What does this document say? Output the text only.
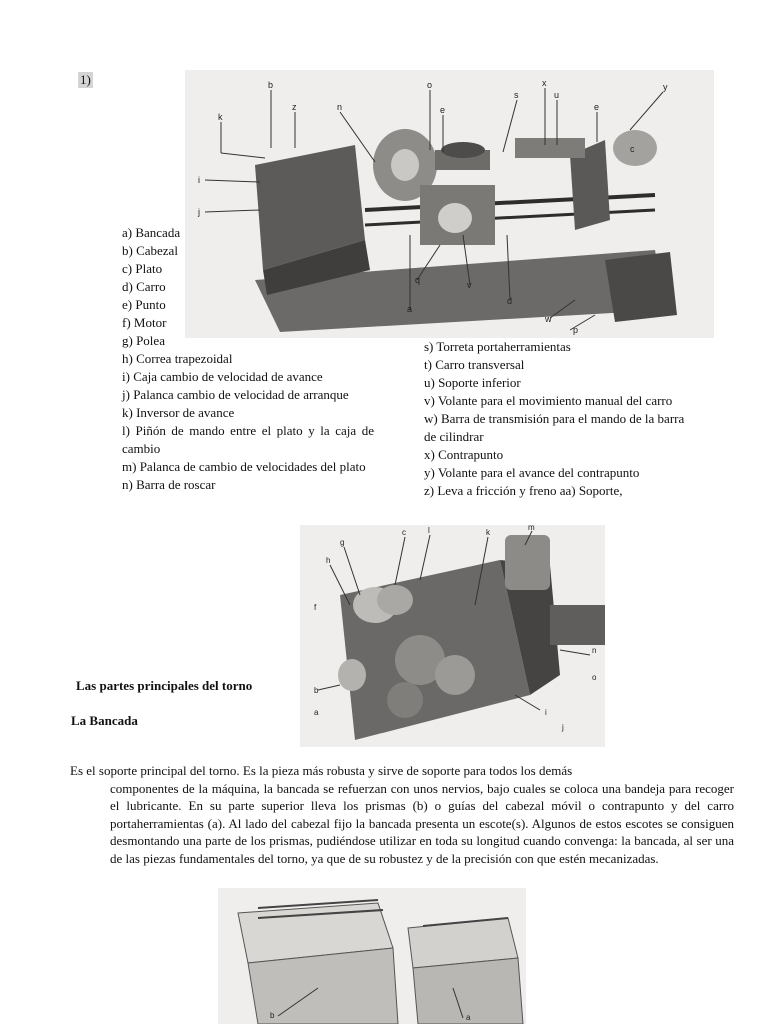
1)
a) Bancada
b) Cabezal
c) Plato
d) Carro
e) Punto
f) Motor
g) Polea
h) Correa trapezoidal
i) Caja cambio de velocidad de avance
j) Palanca cambio de velocidad de arranque
k) Inversor de avance
l) Piñón de mando entre el plato y la caja de cambio
m) Palanca de cambio de velocidades del plato
n) Barra de roscar
s) Torreta portaherramientas
t) Carro transversal
u) Soporte inferior
v) Volante para el movimiento manual del carro
w) Barra de transmisión para el mando de la barra de cilindrar
x) Contrapunto
y) Volante para el avance del contrapunto
z) Leva a fricción y freno aa) Soporte,
b
k
z	n
i
j
o
e
s
x
u
e
y
c
q
a
v
d
w
p
g
h
c	l	k
m
f
n
i
b
a
o
j
Las partes principales del torno
La Bancada
Es el soporte principal del torno. Es la pieza más robusta y sirve de soporte para todos los demás
componentes de la máquina, la bancada se refuerzan con unos nervios, bajo cuales se coloca una bandeja para recoger el lubricante. En su parte superior lleva los prismas (b) o guías del cabezal móvil o contrapunto y del carro portaherramientas (a). Al lado del cabezal fijo la bancada presenta un escote(s). Algunos de estos escotes se consiguen desmontando una parte de los prismas, pudiéndose utilizar en toda su longitud cuando convenga: la bancada, al ser una de las piezas fundamentales del torno, ya que de su robustez y de la precisión con que estén mecanizadas.
b	a
